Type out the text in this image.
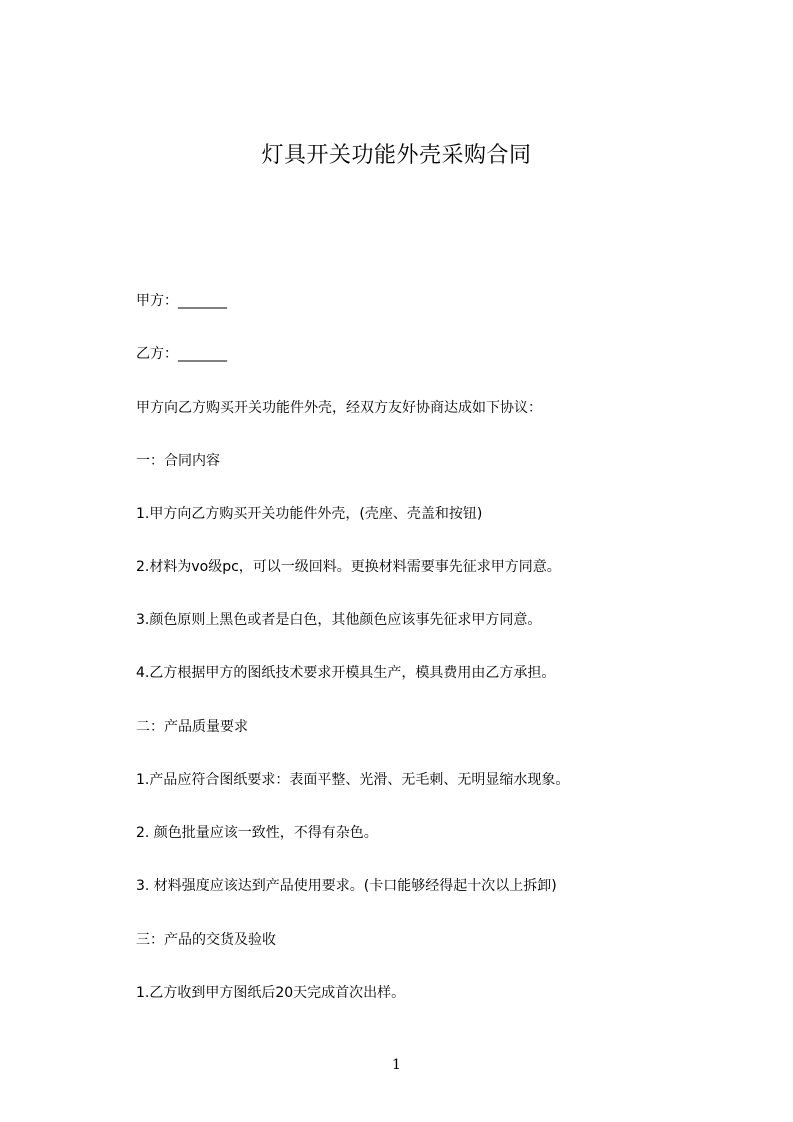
灯具开关功能外壳采购合同
甲方：_______
乙方：_______
甲方向乙方购买开关功能件外壳，经双方友好协商达成如下协议：
一：合同内容
1.甲方向乙方购买开关功能件外壳，(壳座、壳盖和按钮)
2.材料为vo级pc，可以一级回料。更换材料需要事先征求甲方同意。
3.颜色原则上黑色或者是白色，其他颜色应该事先征求甲方同意。
4.乙方根据甲方的图纸技术要求开模具生产，模具费用由乙方承担。
二：产品质量要求
1.产品应符合图纸要求：表面平整、光滑、无毛刺、无明显缩水现象。
2. 颜色批量应该一致性，不得有杂色。
3. 材料强度应该达到产品使用要求。(卡口能够经得起十次以上拆卸)
三：产品的交货及验收
1.乙方收到甲方图纸后20天完成首次出样。
1
